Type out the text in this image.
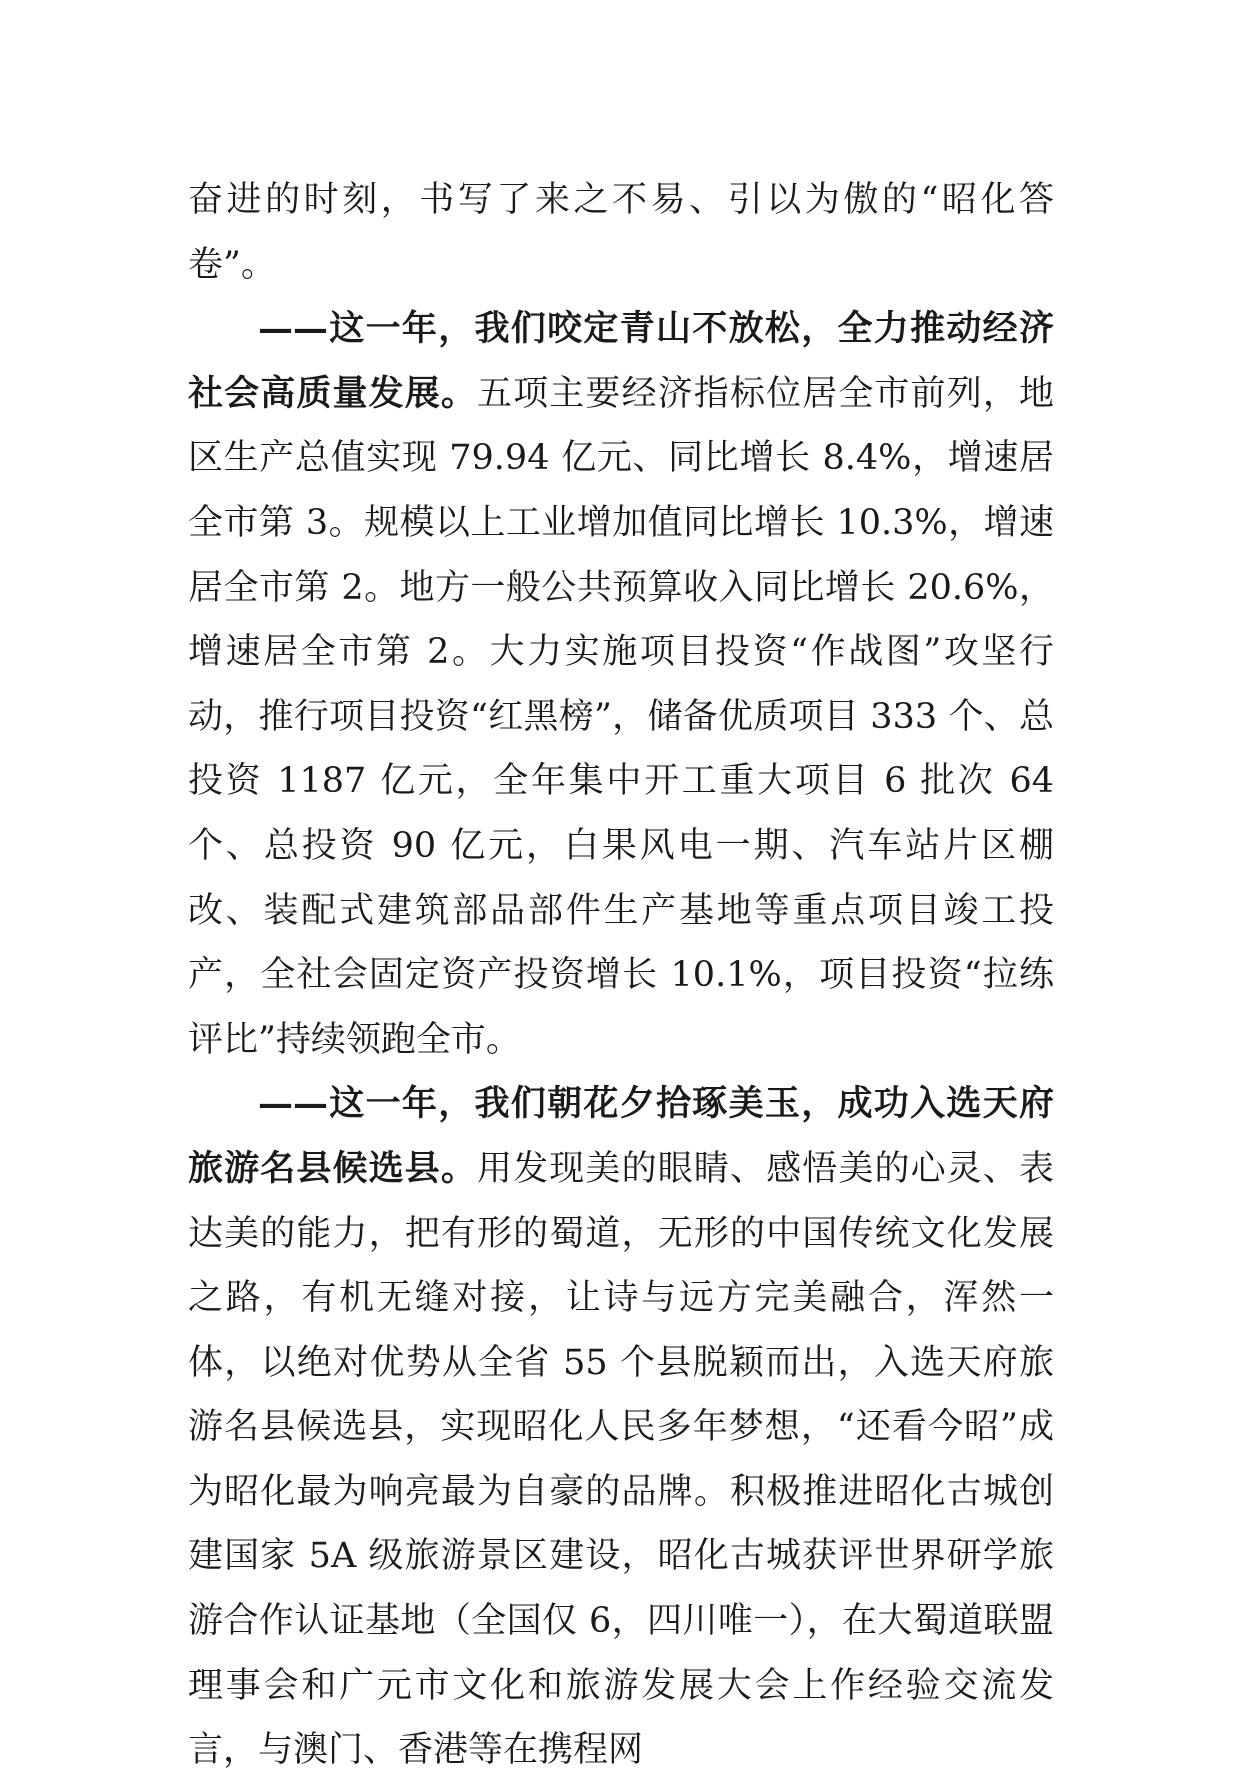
奋进的时刻，书写了来之不易、引以为傲的“昭化答卷”。

——这一年，我们咬定青山不放松，全力推动经济社会高质量发展。五项主要经济指标位居全市前列，地区生产总值实现 79.94 亿元、同比增长 8.4%，增速居全市第 3。规模以上工业增加值同比增长 10.3%，增速居全市第 2。地方一般公共预算收入同比增长 20.6%，增速居全市第 2。大力实施项目投资“作战图”攻坚行动，推行项目投资“红黑榜”，储备优质项目 333 个、总投资 1187 亿元，全年集中开工重大项目 6 批次 64 个、总投资 90 亿元，白果风电一期、汽车站片区棚改、装配式建筑部品部件生产基地等重点项目竣工投产，全社会固定资产投资增长 10.1%，项目投资“拉练评比”持续领跑全市。

——这一年，我们朝花夕拾琢美玉，成功入选天府旅游名县候选县。用发现美的眼睛、感悟美的心灵、表达美的能力，把有形的蜀道，无形的中国传统文化发展之路，有机无缝对接，让诗与远方完美融合，浑然一体，以绝对优势从全省 55 个县脱颖而出，入选天府旅游名县候选县，实现昭化人民多年梦想，“还看今昭”成为昭化最为响亮最为自豪的品牌。积极推进昭化古城创建国家 5A 级旅游景区建设，昭化古城获评世界研学旅游合作认证基地（全国仅 6，四川唯一），在大蜀道联盟理事会和广元市文化和旅游发展大会上作经验交流发言，与澳门、香港等在携程网
